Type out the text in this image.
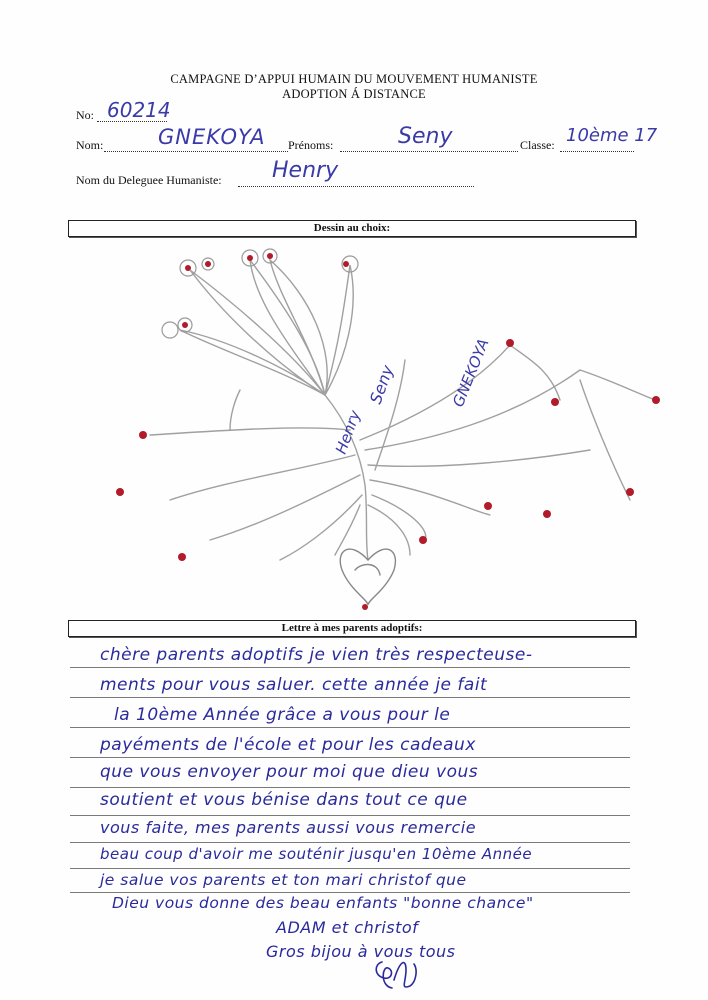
CAMPAGNE D’APPUI HUMAIN DU MOUVEMENT HUMANISTE
ADOPTION Á DISTANCE
No: 60214
Nom:	GNEKOYA Prénoms:	Seny	Classe: 10ème 17
Nom du Deleguee Humaniste: Henry
Dessin au choix:
Henry
Seny	GNEKOYA
Lettre à mes parents adoptifs:
chère parents adoptifs je vien très respecteuse-
ments pour vous saluer. cette année je fait
la 10ème Année grâce a vous pour le
payéments de l'école et pour les cadeaux
que vous envoyer pour moi que dieu vous
soutient et vous bénise dans tout ce que
vous faite, mes parents aussi vous remercie
beau coup d'avoir me souténir jusqu'en 10ème Année
je salue vos parents et ton mari christof que
Dieu vous donne des beau enfants "bonne chance"
ADAM et christof
Gros bijou à vous tous
